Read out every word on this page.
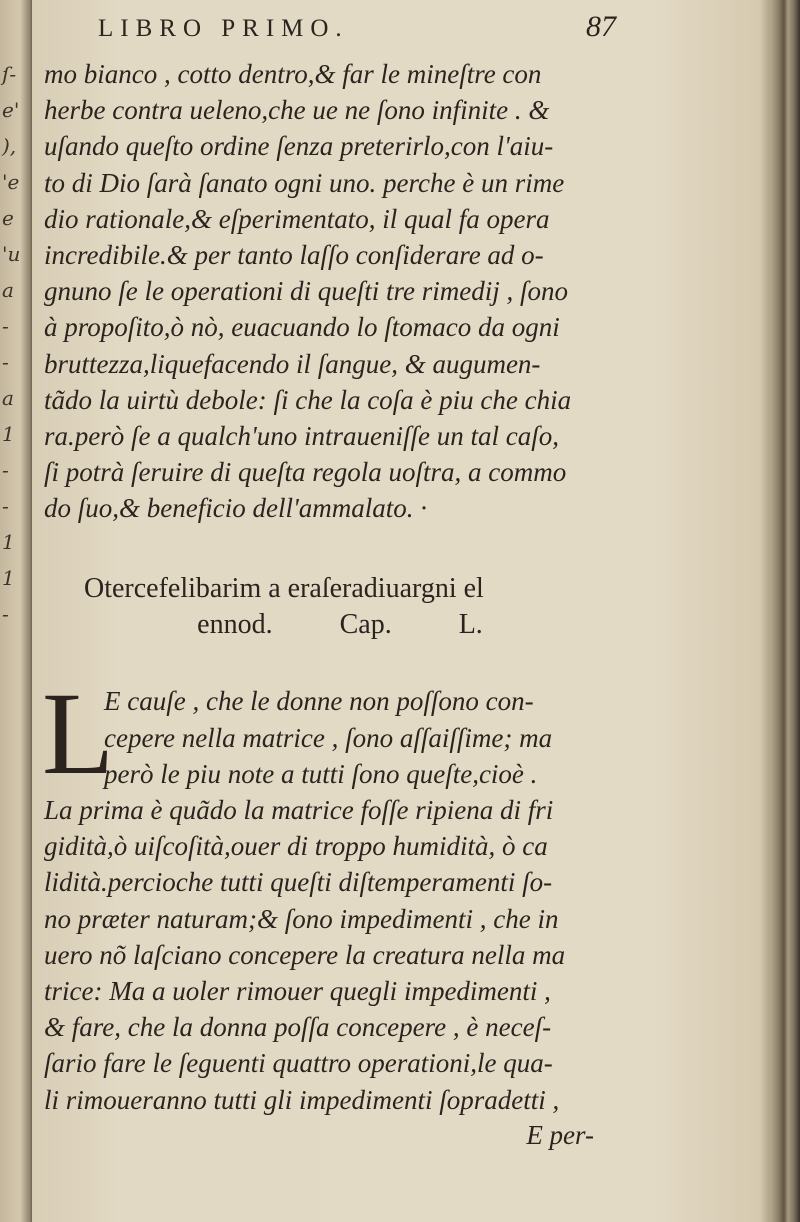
ſ-
e'
),
'e
e
'u
a
-
-
a
1
-
-
1
1
-
LIBRO PRIMO.	87
mo bianco , cotto dentro,& far le mineſtre con
herbe contra ueleno,che ue ne ſono infinite . &
uſando queſto ordine ſenza preterirlo,con l'aiu-
to di Dio ſarà ſanato ogni uno. perche è un rime
dio rationale,& eſperimentato, il qual fa opera
incredibile.& per tanto laſſo conſiderare ad o-
gnuno ſe le operationi di queſti tre rimedij , ſono
à propoſito,ò nò, euacuando lo ſtomaco da ogni
bruttezza,liquefacendo il ſangue, & augumen-
tãdo la uirtù debole: ſi che la coſa è piu che chia
ra.però ſe a qualch'uno intraueniſſe un tal caſo,
ſi potrà ſeruire di queſta regola uoſtra, a commo
do ſuo,& beneficio dell'ammalato. ·
Otercefelibarim a eraſeradiuargni el
ennod. Cap. L.
L
E cauſe , che le donne non poſſono con-
cepere nella matrice , ſono aſſaiſſime; ma
però le piu note a tutti ſono queſte,cioè .
La prima è quãdo la matrice foſſe ripiena di fri
gidità,ò uiſcoſità,ouer di troppo humidità, ò ca
lidità.percioche tutti queſti diſtemperamenti ſo-
no præter naturam;& ſono impedimenti , che in
uero nõ laſciano concepere la creatura nella ma
trice: Ma a uoler rimouer quegli impedimenti ,
& fare, che la donna poſſa concepere , è neceſ-
ſario fare le ſeguenti quattro operationi,le qua-
li rimoueranno tutti gli impedimenti ſopradetti ,
E per-
